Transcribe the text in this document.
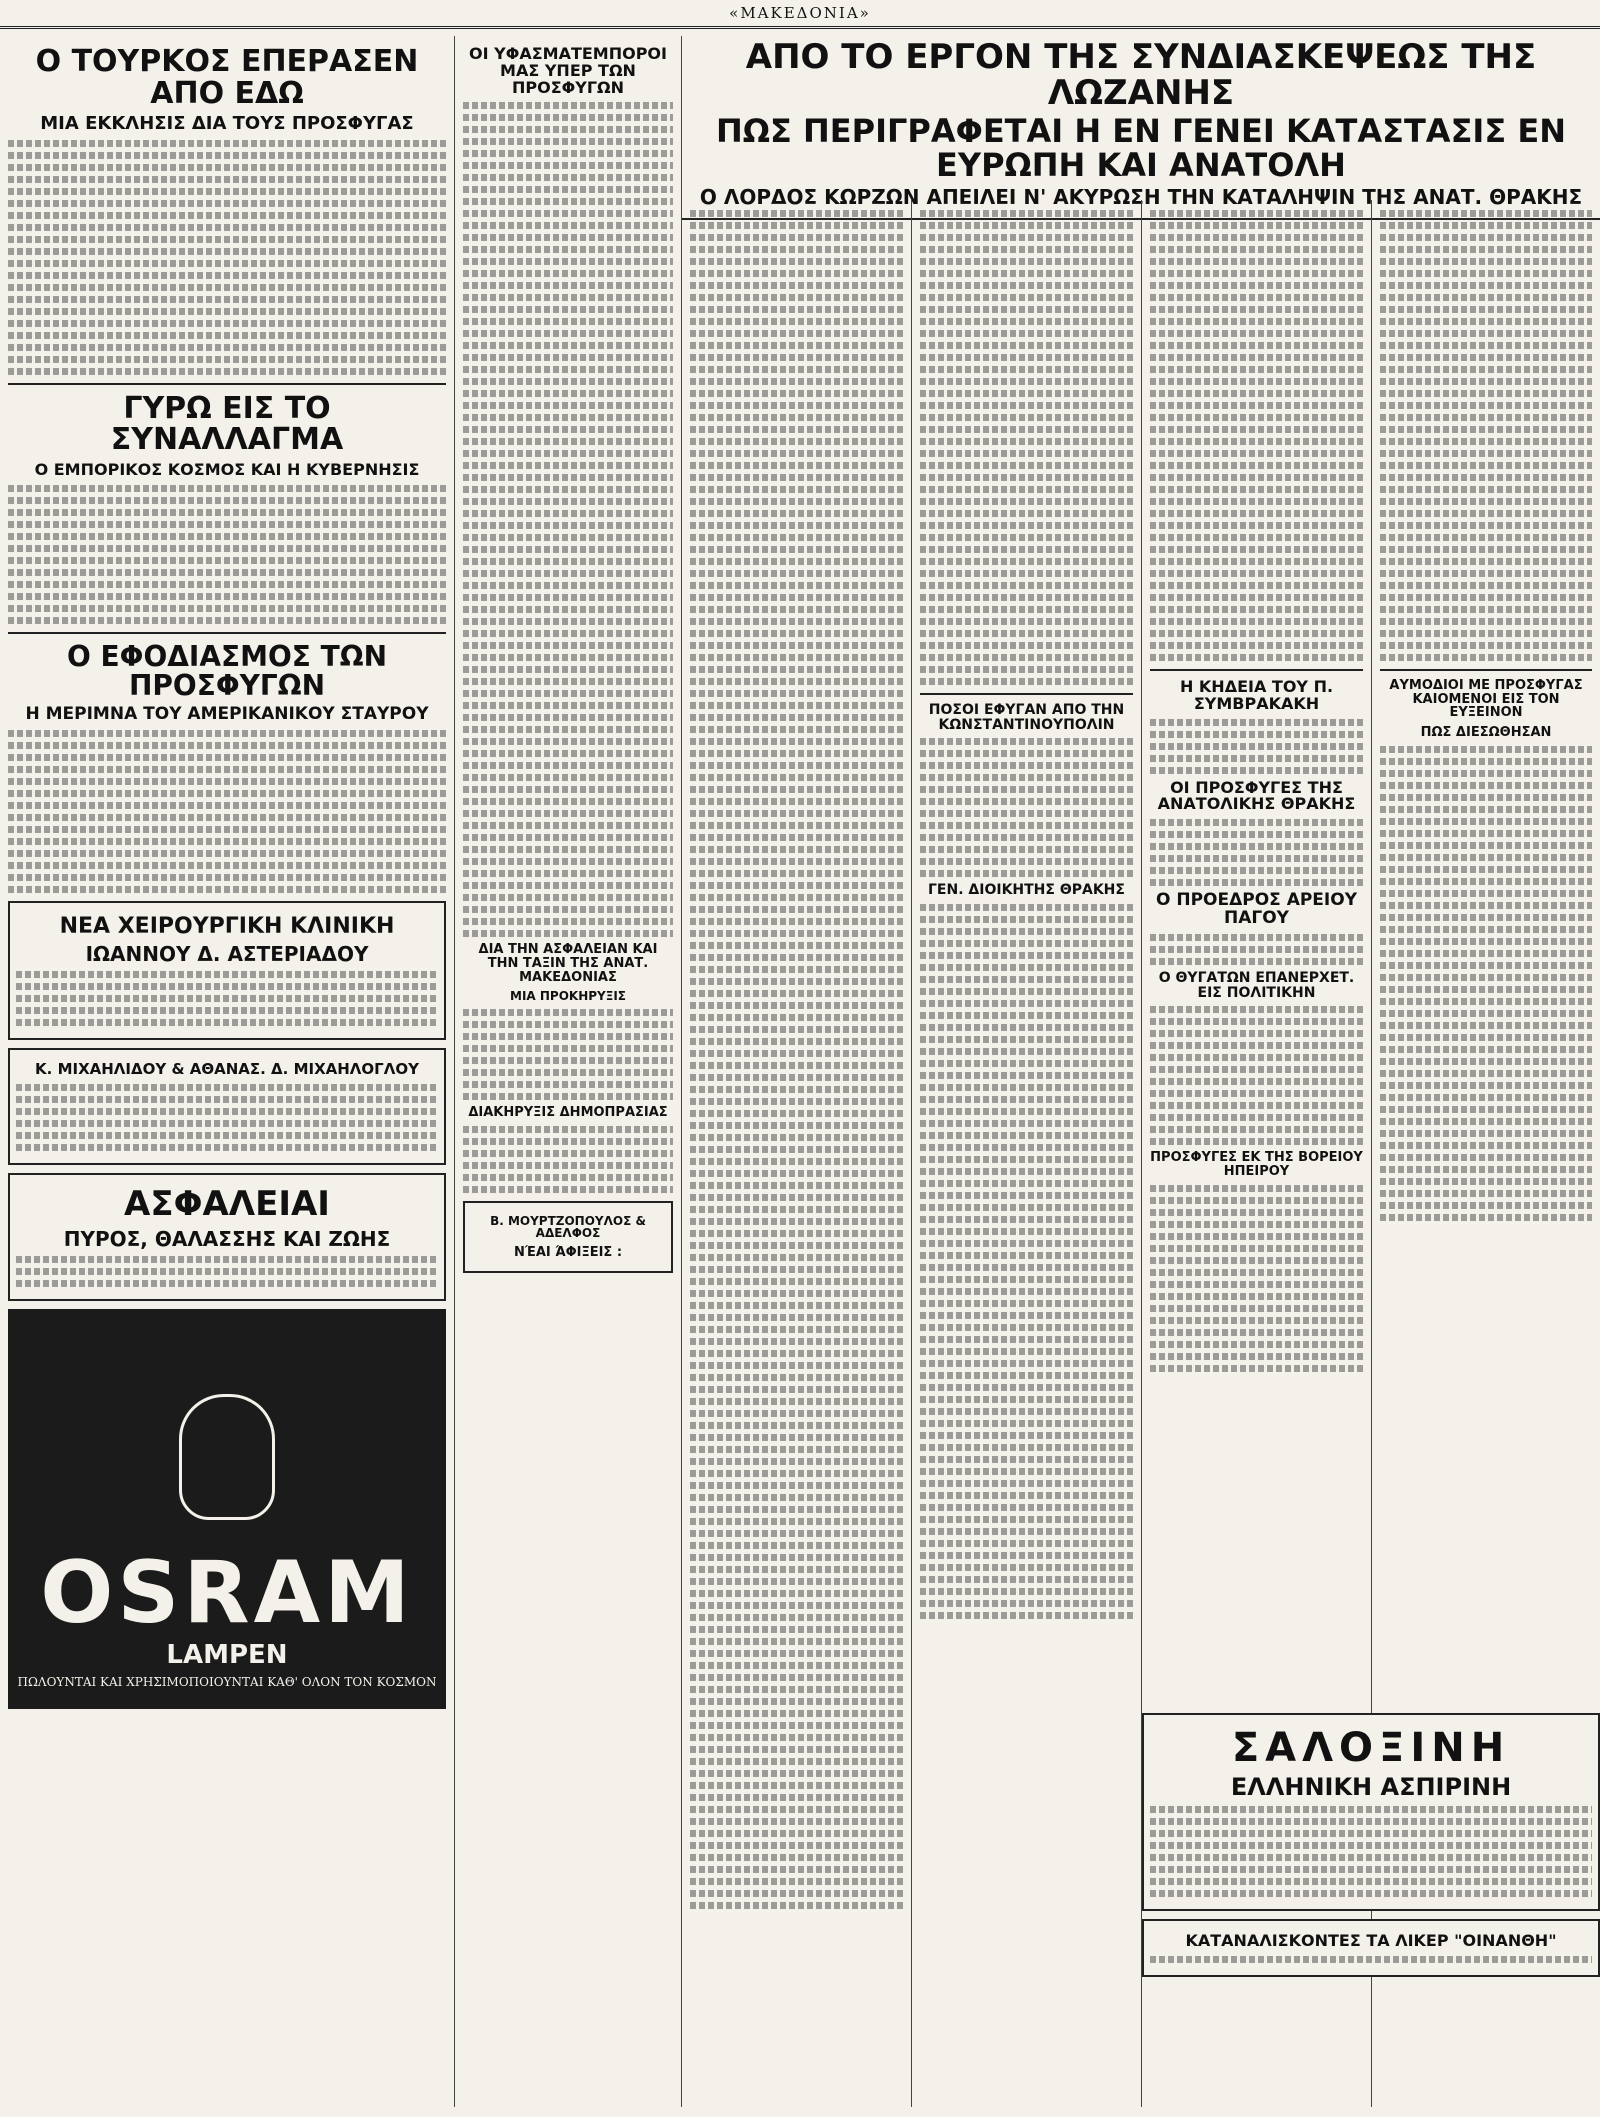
«ΜΑΚΕΔΟΝΙΑ»
Ο ΤΟΥΡΚΟΣ ΕΠΕΡΑΣΕΝ ΑΠΟ ΕΔΩ
ΜΙΑ ΕΚΚΛΗΣΙΣ ΔΙΑ ΤΟΥΣ ΠΡΟΣΦΥΓΑΣ
ΓΥΡΩ ΕΙΣ ΤΟ ΣΥΝΑΛΛΑΓΜΑ
Ο ΕΜΠΟΡΙΚΟΣ ΚΟΣΜΟΣ ΚΑΙ Η ΚΥΒΕΡΝΗΣΙΣ
Ο ΕΦΟΔΙΑΣΜΟΣ ΤΩΝ ΠΡΟΣΦΥΓΩΝ
Η ΜΕΡΙΜΝΑ ΤΟΥ ΑΜΕΡΙΚΑΝΙΚΟΥ ΣΤΑΥΡΟΥ
ΝΕΑ ΧΕΙΡΟΥΡΓΙΚΗ ΚΛΙΝΙΚΗ
ΙΩΑΝΝΟΥ Δ. ΑΣΤΕΡΙΑΔΟΥ
Κ. ΜΙΧΑΗΛΙΔΟΥ & ΑΘΑΝΑΣ. Δ. ΜΙΧΑΗΛΟΓΛΟΥ
ΑΣΦΑΛΕΙΑΙ
ΠΥΡΟΣ, ΘΑΛΑΣΣΗΣ ΚΑΙ ΖΩΗΣ
OSRAM
LAMPEN
ΠΩΛΟΥΝΤΑΙ ΚΑΙ ΧΡΗΣΙΜΟΠΟΙΟΥΝΤΑΙ ΚΑΘ' ΟΛΟΝ ΤΟΝ ΚΟΣΜΟΝ
ΟΙ ΥΦΑΣΜΑΤΕΜΠΟΡΟΙ ΜΑΣ ΥΠΕΡ ΤΩΝ ΠΡΟΣΦΥΓΩΝ
ΔΙΑ ΤΗΝ ΑΣΦΑΛΕΙΑΝ ΚΑΙ ΤΗΝ ΤΑΞΙΝ ΤΗΣ ΑΝΑΤ. ΜΑΚΕΔΟΝΙΑΣ
ΜΙΑ ΠΡΟΚΗΡΥΞΙΣ
ΔΙΑΚΗΡΥΞΙΣ ΔΗΜΟΠΡΑΣΙΑΣ
Β. ΜΟΥΡΤΖΟΠΟΥΛΟΣ & ΑΔΕΛΦΟΣ
ΝΈΑΙ ΆΦΙΞΕΙΣ :
ΑΠΟ ΤΟ ΕΡΓΟΝ ΤΗΣ ΣΥΝΔΙΑΣΚΕΨΕΩΣ ΤΗΣ ΛΩΖΑΝΗΣ
ΠΩΣ ΠΕΡΙΓΡΑΦΕΤΑΙ Η ΕΝ ΓΕΝΕΙ ΚΑΤΑΣΤΑΣΙΣ ΕΝ ΕΥΡΩΠΗ ΚΑΙ ΑΝΑΤΟΛΗ
Ο ΛΟΡΔΟΣ ΚΩΡΖΩΝ ΑΠΕΙΛΕΙ Ν' ΑΚΥΡΩΣΗ ΤΗΝ ΚΑΤΑΛΗΨΙΝ ΤΗΣ ΑΝΑΤ. ΘΡΑΚΗΣ
ΠΟΣΟΙ ΕΦΥΓΑΝ ΑΠΟ ΤΗΝ ΚΩΝΣΤΑΝΤΙΝΟΥΠΟΛΙΝ
ΓΕΝ. ΔΙΟΙΚΗΤΗΣ ΘΡΑΚΗΣ
Η ΚΗΔΕΙΑ ΤΟΥ Π. ΣΥΜΒΡΑΚΑΚΗ
ΟΙ ΠΡΟΣΦΥΓΕΣ ΤΗΣ ΑΝΑΤΟΛΙΚΗΣ ΘΡΑΚΗΣ
Ο ΠΡΟΕΔΡΟΣ ΑΡΕΙΟΥ ΠΑΓΟΥ
Ο ΘΥΓΑΤΩΝ ΕΠΑΝΕΡΧΕΤ. ΕΙΣ ΠΟΛΙΤΙΚΗΝ
ΠΡΟΣΦΥΓΕΣ ΕΚ ΤΗΣ ΒΟΡΕΙΟΥ ΗΠΕΙΡΟΥ
ΑΥΜΟΔΙΟΙ ΜΕ ΠΡΟΣΦΥΓΑΣ ΚΑΙΟΜΕΝΟΙ ΕΙΣ ΤΟΝ ΕΥΞΕΙΝΟΝ
ΠΩΣ ΔΙΕΣΩΘΗΣΑΝ
ΣΑΛΟΞΙΝΗ
ΕΛΛΗΝΙΚΗ ΑΣΠΙΡΙΝΗ
ΚΑΤΑΝΑΛΙΣΚΟΝΤΕΣ ΤΑ ΛΙΚΕΡ "ΟΙΝΑΝΘΗ"
